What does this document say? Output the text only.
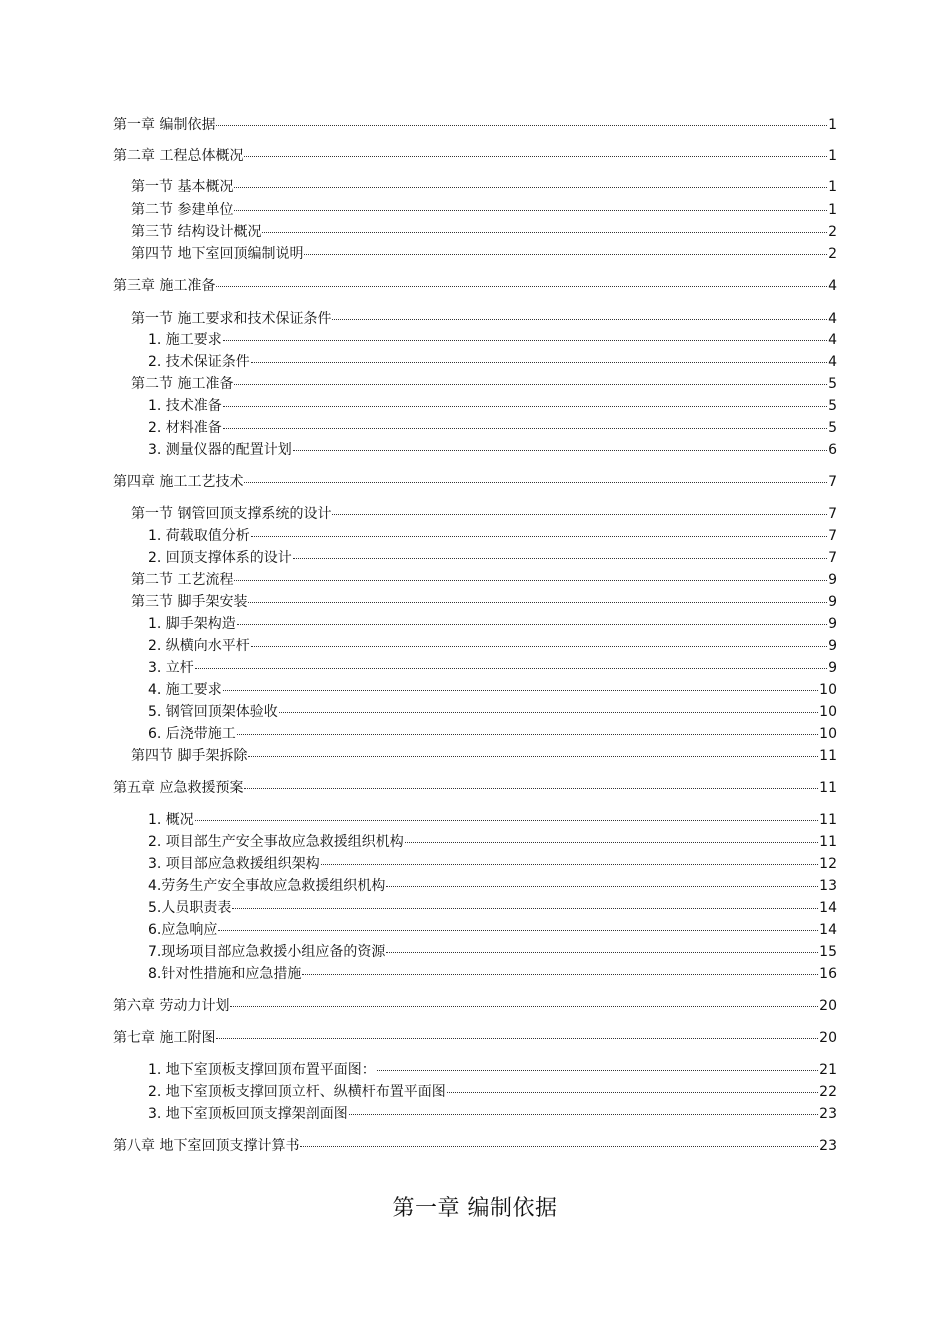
第一章 编制依据	1
第二章 工程总体概况	1
第一节 基本概况	1
第二节 参建单位	1
第三节 结构设计概况	2
第四节 地下室回顶编制说明	2
第三章 施工准备	4
第一节 施工要求和技术保证条件	4
1. 施工要求	4
2. 技术保证条件	4
第二节 施工准备	5
1. 技术准备	5
2. 材料准备	5
3. 测量仪器的配置计划	6
第四章 施工工艺技术	7
第一节 钢管回顶支撑系统的设计	7
1. 荷载取值分析	7
2. 回顶支撑体系的设计	7
第二节 工艺流程	9
第三节 脚手架安装	9
1. 脚手架构造	9
2. 纵横向水平杆	9
3. 立杆	9
4. 施工要求	10
5. 钢管回顶架体验收	10
6. 后浇带施工	10
第四节 脚手架拆除	11
第五章 应急救援预案	11
1. 概况	11
2. 项目部生产安全事故应急救援组织机构	11
3. 项目部应急救援组织架构	12
4.劳务生产安全事故应急救援组织机构	13
5.人员职责表	14
6.应急响应	14
7.现场项目部应急救援小组应备的资源	15
8.针对性措施和应急措施	16
第六章 劳动力计划	20
第七章 施工附图	20
1. 地下室顶板支撑回顶布置平面图：	21
2. 地下室顶板支撑回顶立杆、纵横杆布置平面图	22
3. 地下室顶板回顶支撑架剖面图	23
第八章 地下室回顶支撑计算书	23
第一章 编制依据
